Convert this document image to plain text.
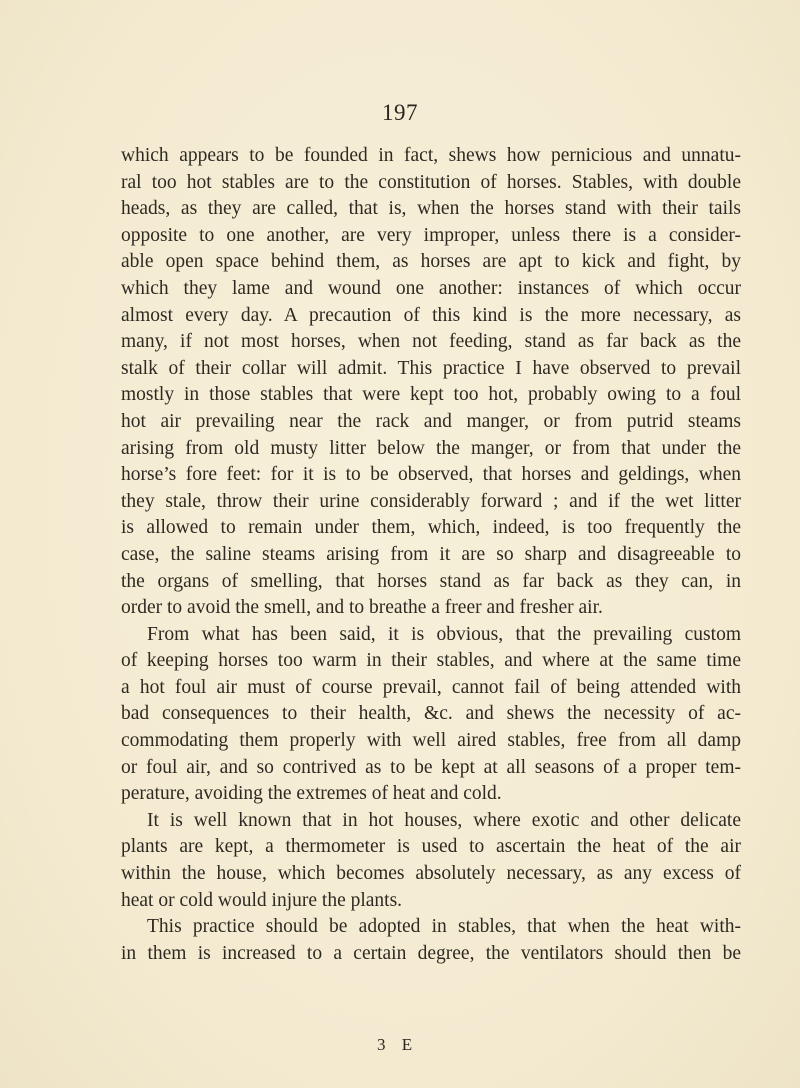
197
which appears to be founded in fact, shews how pernicious and unnatu-
ral too hot stables are to the constitution of horses. Stables, with double
heads, as they are called, that is, when the horses stand with their tails
opposite to one another, are very improper, unless there is a consider-
able open space behind them, as horses are apt to kick and fight, by
which they lame and wound one another: instances of which occur
almost every day. A precaution of this kind is the more necessary, as
many, if not most horses, when not feeding, stand as far back as the
stalk of their collar will admit. This practice I have observed to prevail
mostly in those stables that were kept too hot, probably owing to a foul
hot air prevailing near the rack and manger, or from putrid steams
arising from old musty litter below the manger, or from that under the
horse’s fore feet: for it is to be observed, that horses and geldings, when
they stale, throw their urine considerably forward ; and if the wet litter
is allowed to remain under them, which, indeed, is too frequently the
case, the saline steams arising from it are so sharp and disagreeable to
the organs of smelling, that horses stand as far back as they can, in
order to avoid the smell, and to breathe a freer and fresher air.
From what has been said, it is obvious, that the prevailing custom
of keeping horses too warm in their stables, and where at the same time
a hot foul air must of course prevail, cannot fail of being attended with
bad consequences to their health, &c. and shews the necessity of ac-
commodating them properly with well aired stables, free from all damp
or foul air, and so contrived as to be kept at all seasons of a proper tem-
perature, avoiding the extremes of heat and cold.
It is well known that in hot houses, where exotic and other delicate
plants are kept, a thermometer is used to ascertain the heat of the air
within the house, which becomes absolutely necessary, as any excess of
heat or cold would injure the plants.
This practice should be adopted in stables, that when the heat with-
in them is increased to a certain degree, the ventilators should then be
3 E
